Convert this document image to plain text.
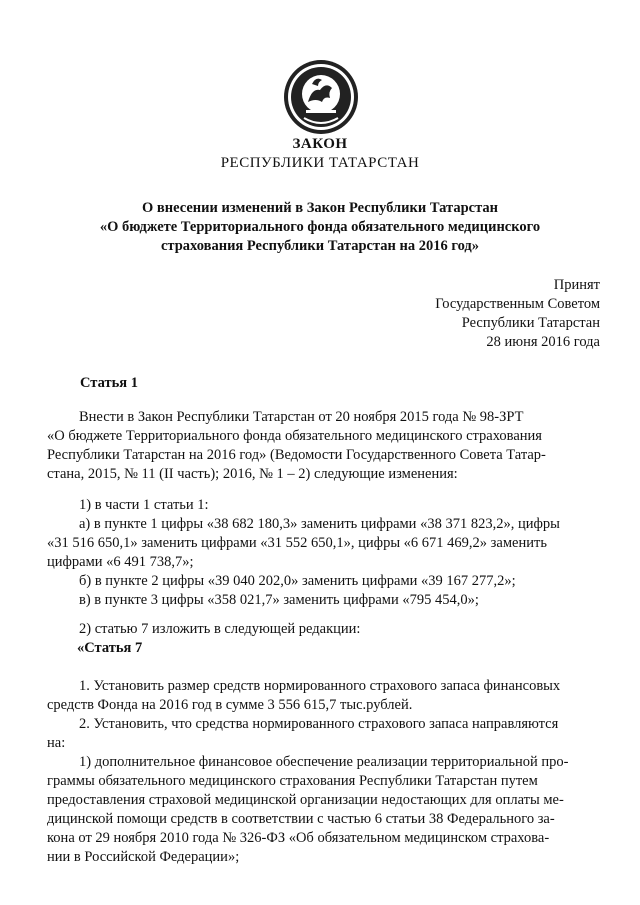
ЗАКОН
РЕСПУБЛИКИ ТАТАРСТАН
О внесении изменений в Закон Республики Татарстан
«О бюджете Территориального фонда обязательного медицинского
страхования Республики Татарстан на 2016 год»
Принят
Государственным Советом
Республики Татарстан
28 июня 2016 года
Статья 1
Внести в Закон Республики Татарстан от 20 ноября 2015 года № 98-ЗРТ
«О бюджете Территориального фонда обязательного медицинского страхования
Республики Татарстан на 2016 год» (Ведомости Государственного Совета Татар-
стана, 2015, № 11 (II часть); 2016, № 1 – 2) следующие изменения:
1) в части 1 статьи 1:
а) в пункте 1 цифры «38 682 180,3» заменить цифрами «38 371 823,2», цифры
«31 516 650,1» заменить цифрами «31 552 650,1», цифры «6 671 469,2» заменить
цифрами «6 491 738,7»;
б) в пункте 2 цифры «39 040 202,0» заменить цифрами «39 167 277,2»;
в) в пункте 3 цифры «358 021,7» заменить цифрами «795 454,0»;
2) статью 7 изложить в следующей редакции:
«Статья 7
1. Установить размер средств нормированного страхового запаса финансовых
средств Фонда на 2016 год в сумме 3 556 615,7 тыс.рублей.
2. Установить, что средства нормированного страхового запаса направляются
на:
1) дополнительное финансовое обеспечение реализации территориальной про-
граммы обязательного медицинского страхования Республики Татарстан путем
предоставления страховой медицинской организации недостающих для оплаты ме-
дицинской помощи средств в соответствии с частью 6 статьи 38 Федерального за-
кона от 29 ноября 2010 года № 326-ФЗ «Об обязательном медицинском страхова-
нии в Российской Федерации»;
